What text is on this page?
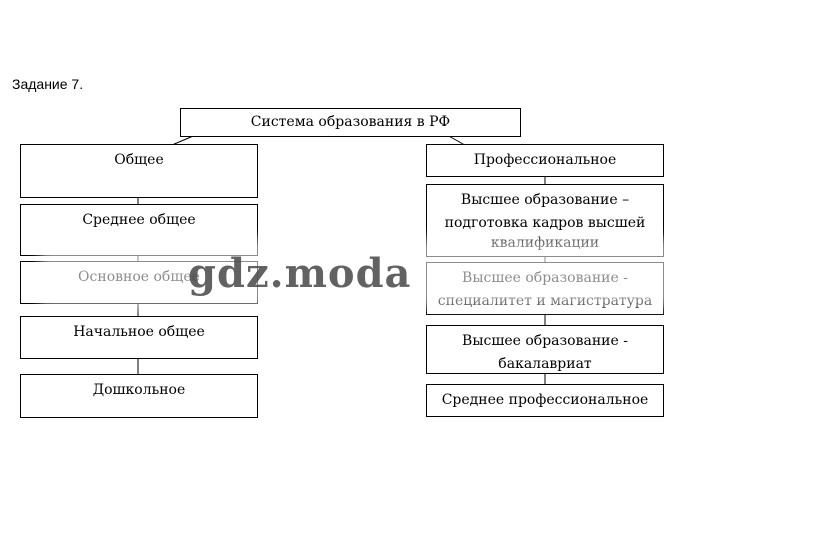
Задание 7.
Система образования в РФ
Общее
Среднее общее
Начальное общее
Дошкольное
Профессиональное
Высшее образование –
подготовка кадров высшей
Высшее образование -
бакалавриат
Среднее профессиональное
gdz.moda
